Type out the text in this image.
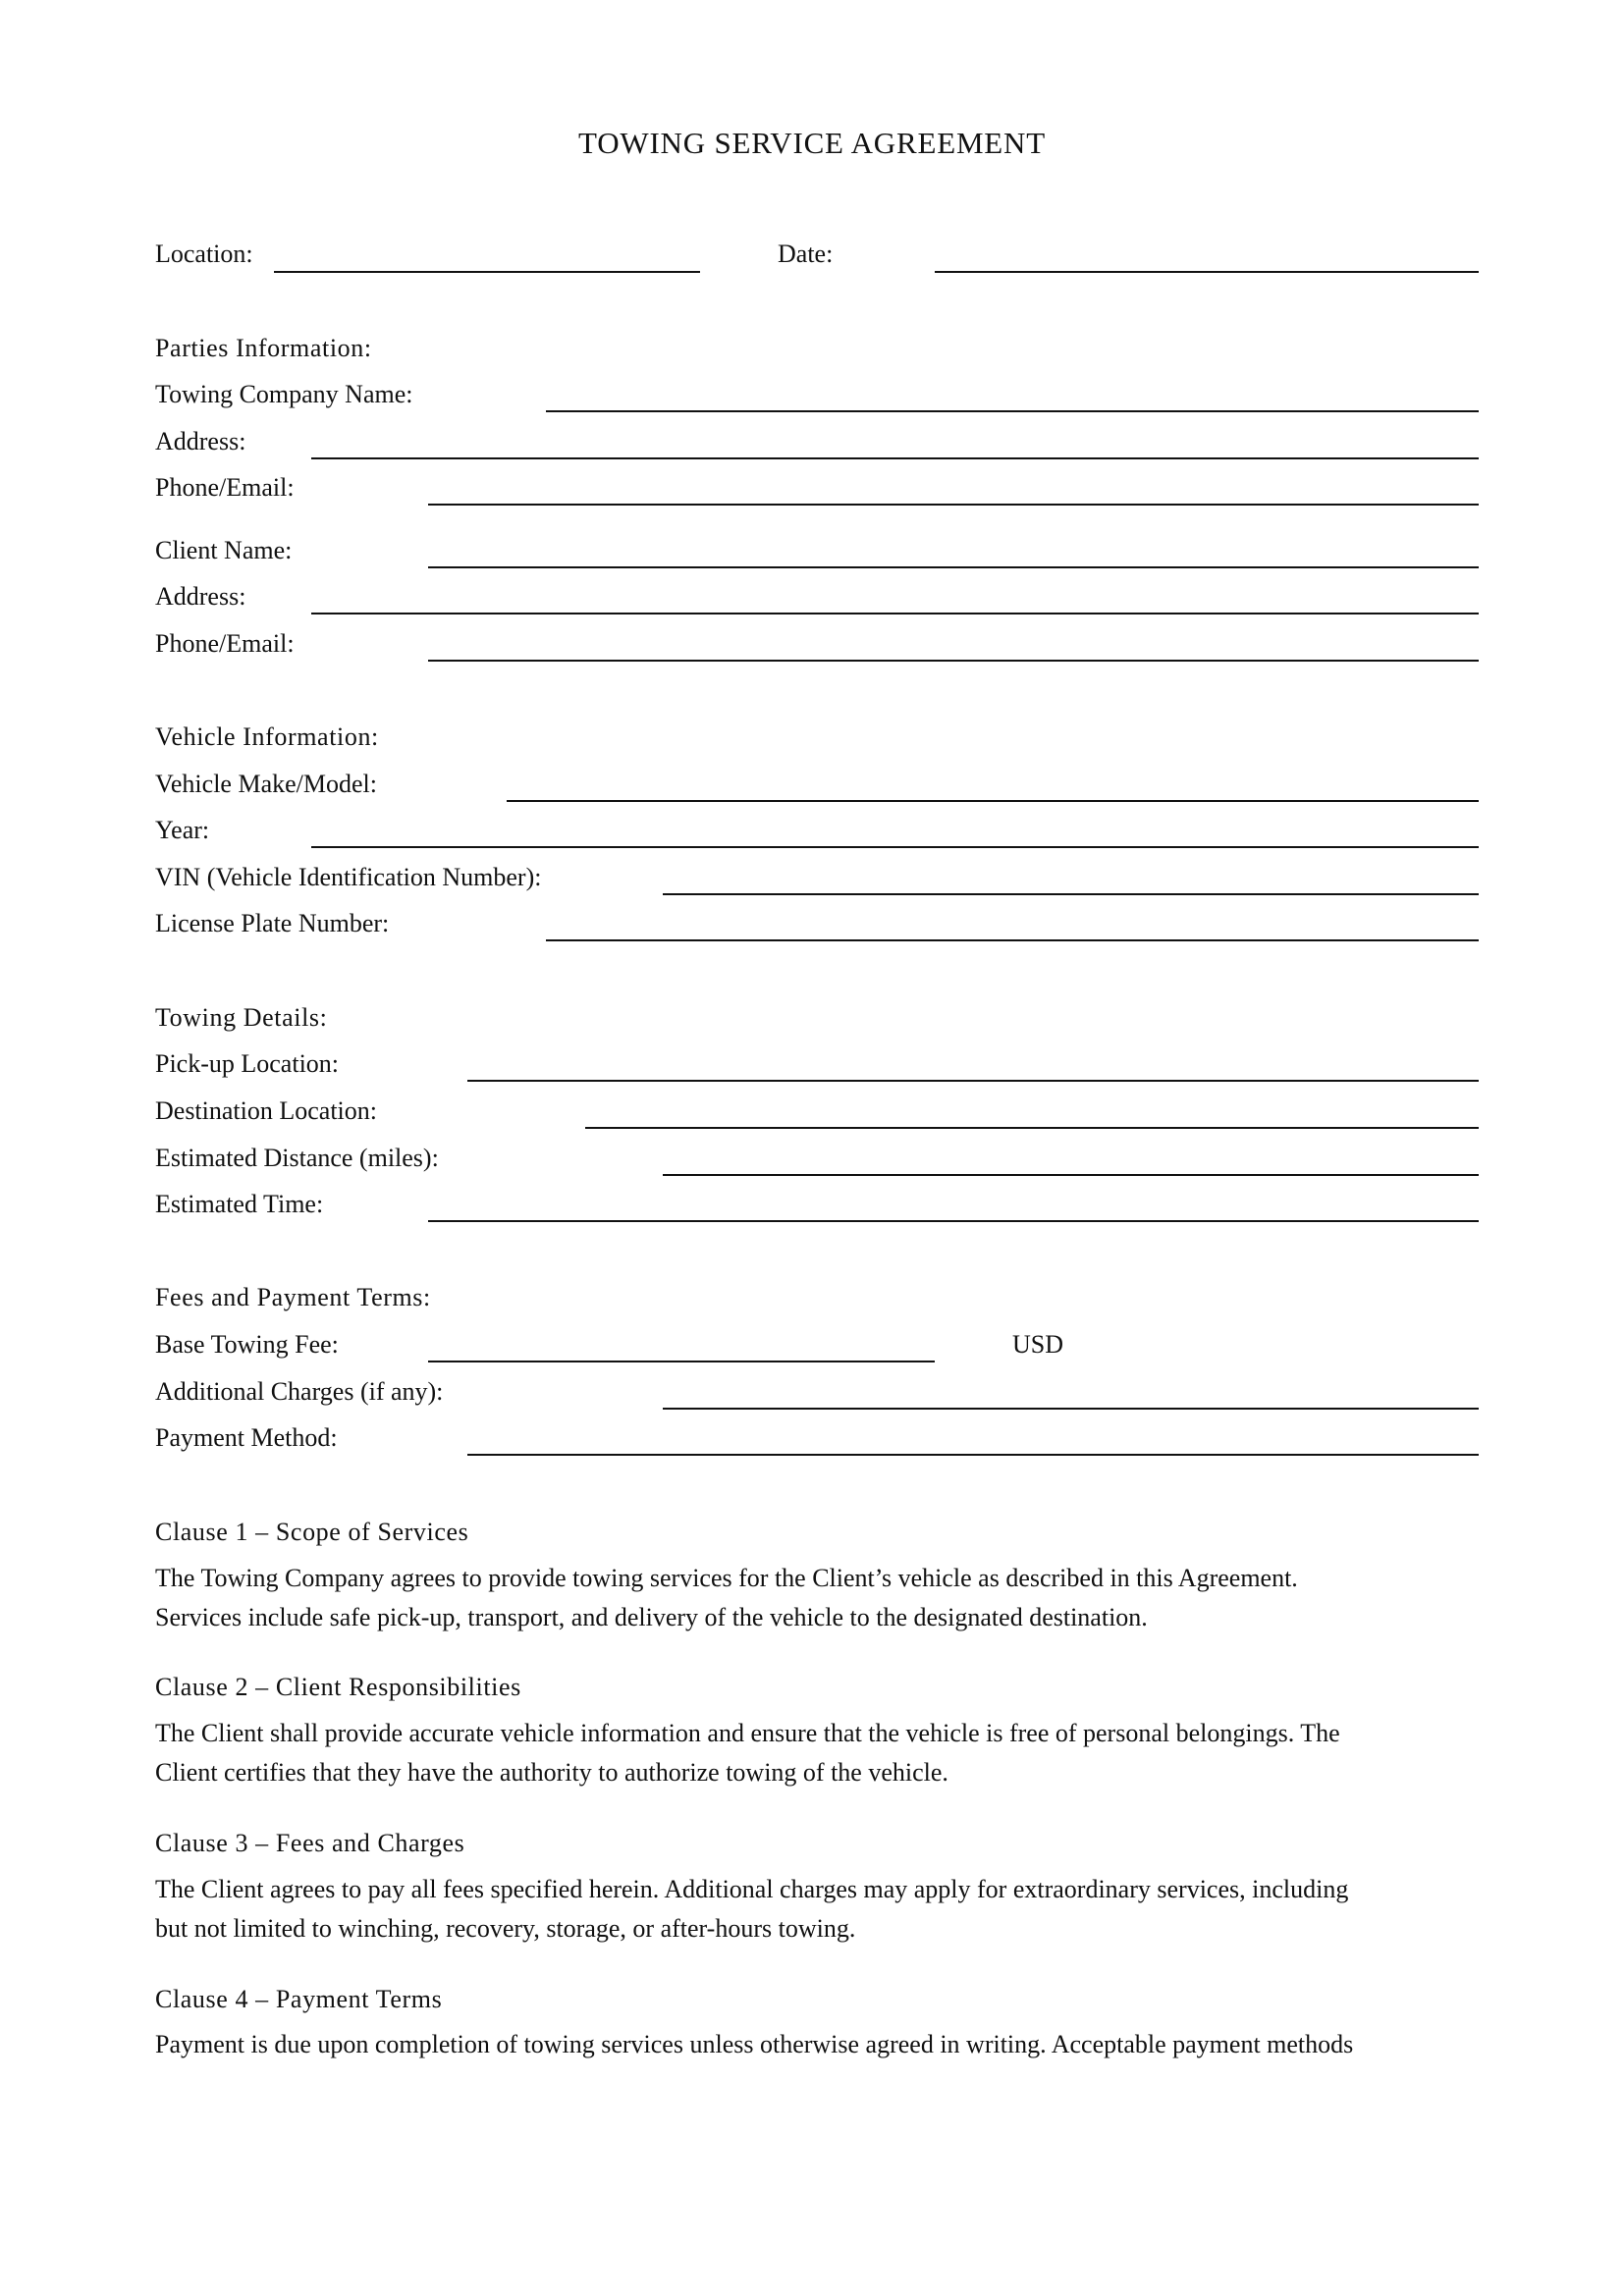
TOWING SERVICE AGREEMENT
Location:	Date:
Parties Information:
Towing Company Name:
Address:
Phone/Email:
Client Name:
Address:
Phone/Email:
Vehicle Information:
Vehicle Make/Model:
Year:
VIN (Vehicle Identification Number):
License Plate Number:
Towing Details:
Pick-up Location:
Destination Location:
Estimated Distance (miles):
Estimated Time:
Fees and Payment Terms:
Base Towing Fee:	USD
Additional Charges (if any):
Payment Method:
Clause 1 – Scope of Services
The Towing Company agrees to provide towing services for the Client’s vehicle as described in this Agreement.
Services include safe pick-up, transport, and delivery of the vehicle to the designated destination.
Clause 2 – Client Responsibilities
The Client shall provide accurate vehicle information and ensure that the vehicle is free of personal belongings. The
Client certifies that they have the authority to authorize towing of the vehicle.
Clause 3 – Fees and Charges
The Client agrees to pay all fees specified herein. Additional charges may apply for extraordinary services, including
but not limited to winching, recovery, storage, or after-hours towing.
Clause 4 – Payment Terms
Payment is due upon completion of towing services unless otherwise agreed in writing. Acceptable payment methods
